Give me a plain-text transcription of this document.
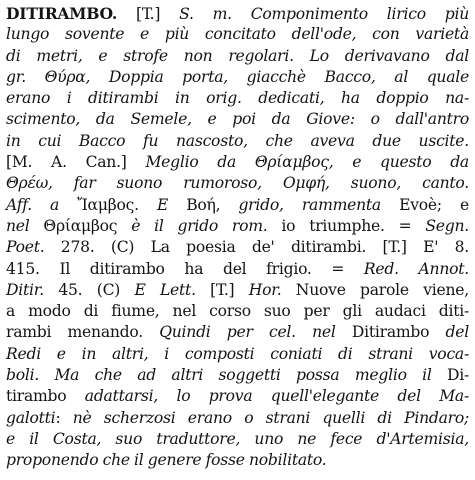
DITIRAMBO. [T.] S. m. Componimento lirico più
lungo sovente e più concitato dell'ode, con varietà
di metri, e strofe non regolari. Lo derivavano dal
gr. Θύρα, Doppia porta, giacchè Bacco, al quale
erano i ditirambi in orig. dedicati, ha doppio na-
scimento, da Semele, e poi da Giove: o dall'antro
in cui Bacco fu nascosto, che aveva due uscite.
[M. A. Can.] Meglio da Θρίαμβος, e questo da
Θρέω, far suono rumoroso, Ομφή, suono, canto.
Aff. a Ἴαμβος. E Βοή, grido, rammenta Evoè; e
nel Θρίαμβος è il grido rom. io triumphe. = Segn.
Poet. 278. (C) La poesia de' ditirambi. [T.] E' 8.
415. Il ditirambo ha del frigio. = Red. Annot.
Ditir. 45. (C) E Lett. [T.] Hor. Nuove parole viene,
a modo di fiume, nel corso suo per gli audaci diti-
rambi menando. Quindi per cel. nel Ditirambo del
Redi e in altri, i composti coniati di strani voca-
boli. Ma che ad altri soggetti possa meglio il Di-
tirambo adattarsi, lo prova quell'elegante del Ma-
galotti: nè scherzosi erano o strani quelli di Pindaro;
e il Costa, suo traduttore, uno ne fece d'Artemisia,
proponendo che il genere fosse nobilitato.
